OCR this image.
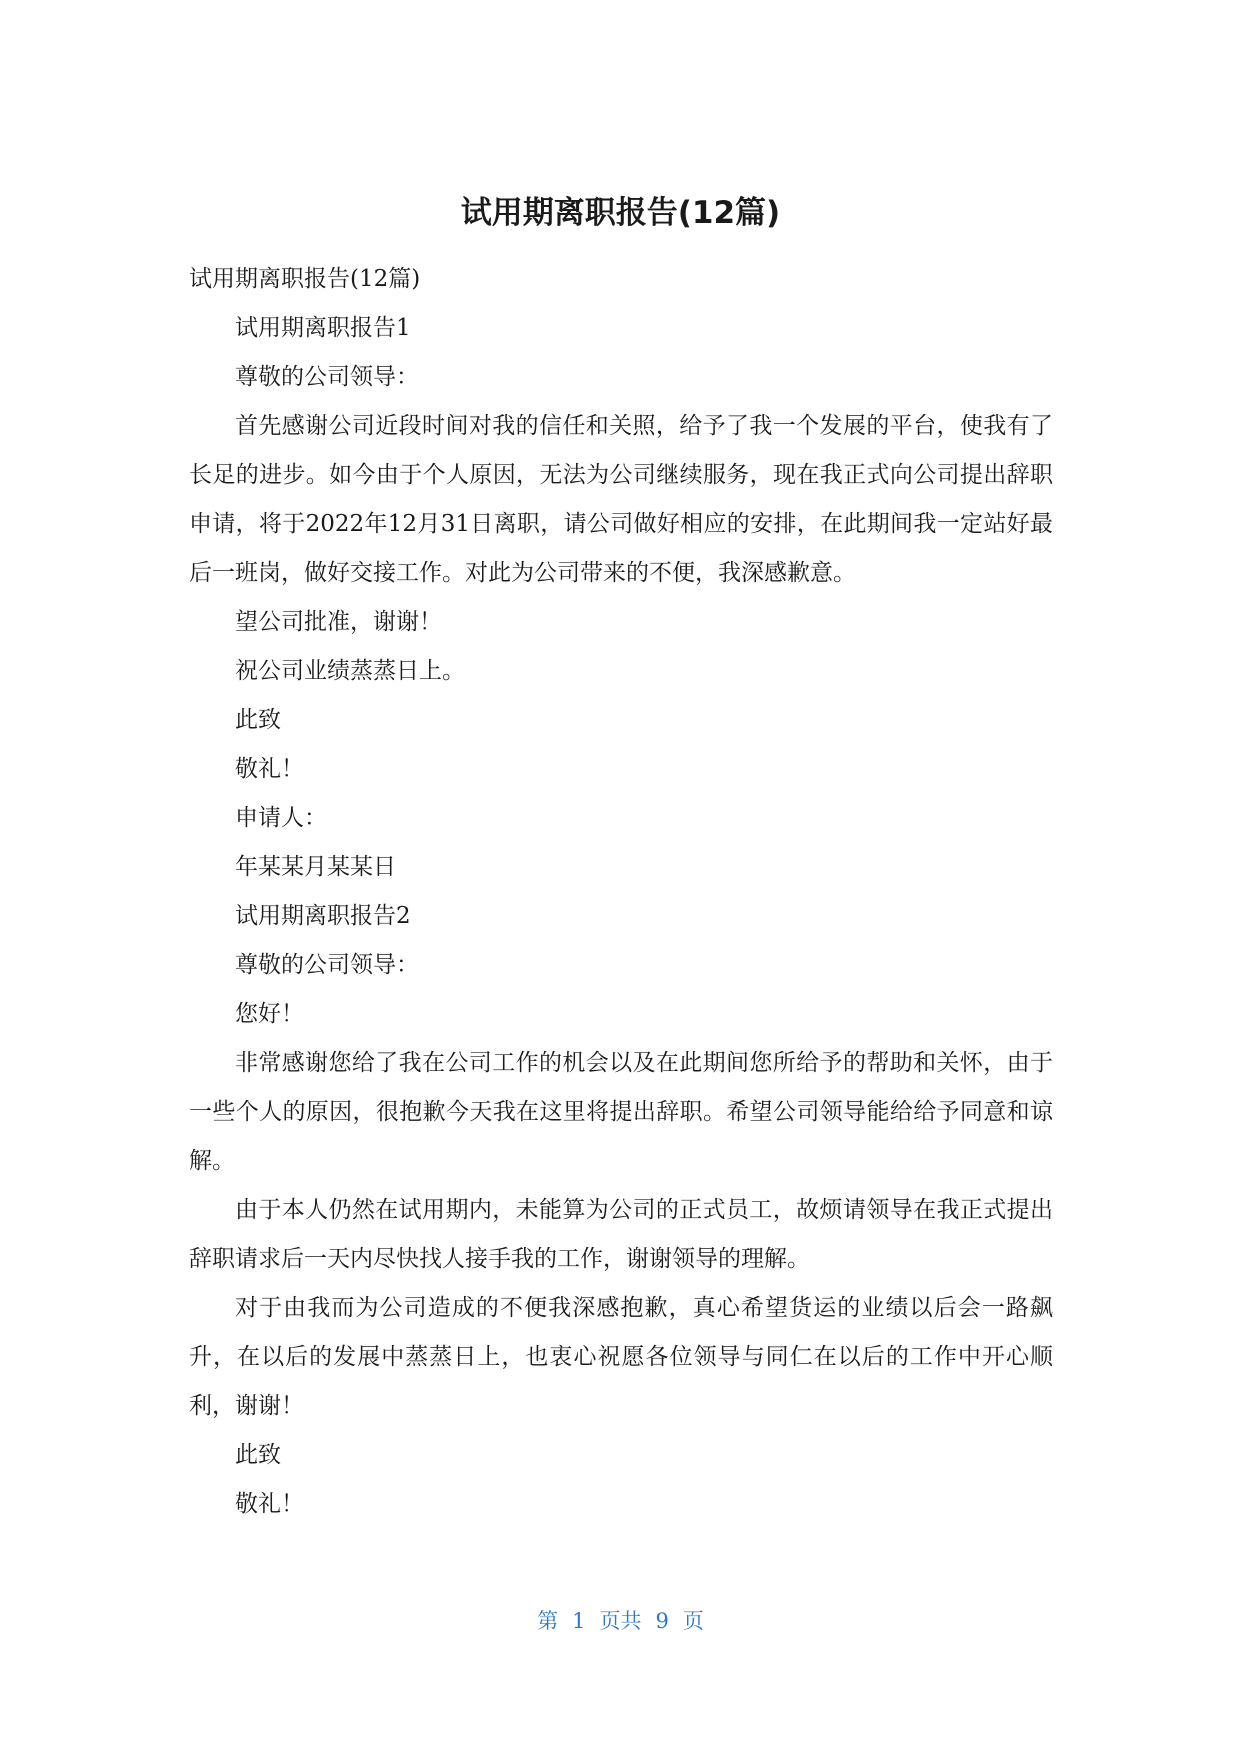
试用期离职报告(12篇)

试用期离职报告(12篇)

试用期离职报告1

尊敬的公司领导：

首先感谢公司近段时间对我的信任和关照，给予了我一个发展的平台，使我有了长足的进步。如今由于个人原因，无法为公司继续服务，现在我正式向公司提出辞职申请，将于2022年12月31日离职，请公司做好相应的安排，在此期间我一定站好最后一班岗，做好交接工作。对此为公司带来的不便，我深感歉意。

望公司批准，谢谢！

祝公司业绩蒸蒸日上。

此致

敬礼！

申请人：

年某某月某某日

试用期离职报告2

尊敬的公司领导：

您好！

非常感谢您给了我在公司工作的机会以及在此期间您所给予的帮助和关怀，由于一些个人的原因，很抱歉今天我在这里将提出辞职。希望公司领导能给给予同意和谅解。

由于本人仍然在试用期内，未能算为公司的正式员工，故烦请领导在我正式提出辞职请求后一天内尽快找人接手我的工作，谢谢领导的理解。

对于由我而为公司造成的不便我深感抱歉，真心希望货运的业绩以后会一路飙升，在以后的发展中蒸蒸日上，也衷心祝愿各位领导与同仁在以后的工作中开心顺利，谢谢！

此致

敬礼！

第 1 页共 9 页
